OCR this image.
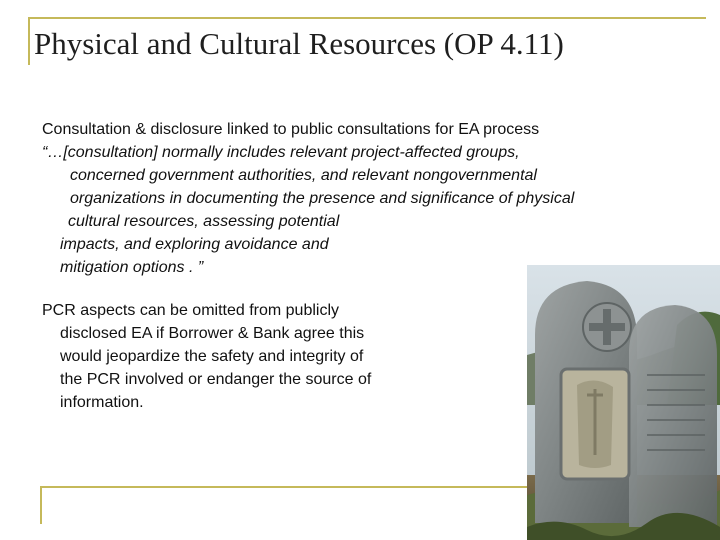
Physical and Cultural Resources (OP 4.11)

Consultation & disclosure linked to public consultations for EA process
“…[consultation] normally includes relevant project-affected groups,
concerned government authorities, and relevant nongovernmental
organizations in documenting the presence and significance of physical
cultural resources, assessing potential
impacts, and exploring avoidance and
mitigation options . ”

PCR aspects can be omitted from publicly
disclosed EA if Borrower & Bank agree this
would jeopardize the safety and integrity of
the PCR involved or endanger the source of
information.
